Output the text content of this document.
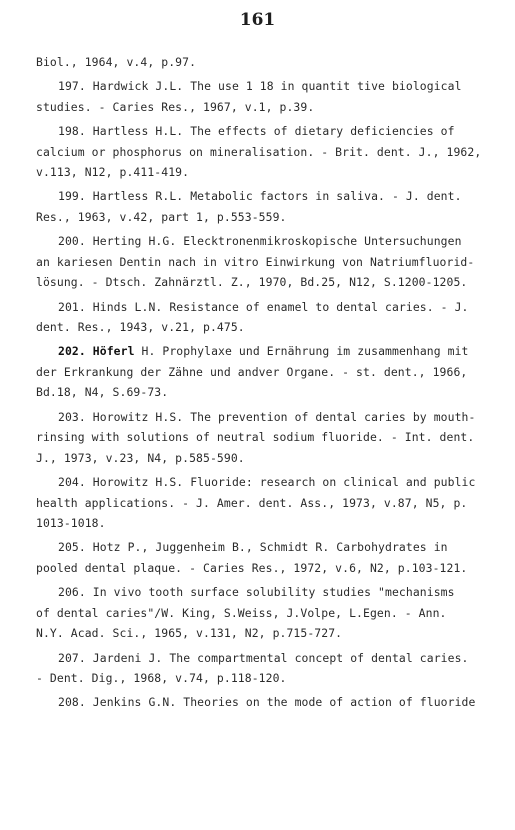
161
Biol., 1964, v.4, p.97.
197. Hardwick J.L. The use 1 18 in quantit tive biological
studies. - Caries Res., 1967, v.1, p.39.
198. Hartless H.L. The effects of dietary deficiencies of
calcium or phosphorus on mineralisation. - Brit. dent. J., 1962,
v.113, N12, p.411-419.
199. Hartless R.L. Metabolic factors in saliva. - J. dent.
Res., 1963, v.42, part 1, p.553-559.
200. Herting H.G. Elecktronenmikroskopische Untersuchungen
an kariesen Dentin nach in vitro Einwirkung von Natriumfluorid-
lösung. - Dtsch. Zahnärztl. Z., 1970, Bd.25, N12, S.1200-1205.
201. Hinds L.N. Resistance of enamel to dental caries. - J.
dent. Res., 1943, v.21, p.475.
202. Höferl H. Prophylaxe und Ernährung im zusammenhang mit
der Erkrankung der Zähne und andver Organe. - st. dent., 1966,
Bd.18, N4, S.69-73.
203. Horowitz H.S. The prevention of dental caries by mouth-
rinsing with solutions of neutral sodium fluoride. - Int. dent.
J., 1973, v.23, N4, p.585-590.
204. Horowitz H.S. Fluoride: research on clinical and public
health applications. - J. Amer. dent. Ass., 1973, v.87, N5, p.
1013-1018.
205. Hotz P., Juggenheim B., Schmidt R. Carbohydrates in
pooled dental plaque. - Caries Res., 1972, v.6, N2, p.103-121.
206. In vivo tooth surface solubility studies "mechanisms
of dental caries"/W. King, S.Weiss, J.Volpe, L.Egen. - Ann.
N.Y. Acad. Sci., 1965, v.131, N2, p.715-727.
207. Jardeni J. The compartmental concept of dental caries.
- Dent. Dig., 1968, v.74, p.118-120.
208. Jenkins G.N. Theories on the mode of action of fluoride
